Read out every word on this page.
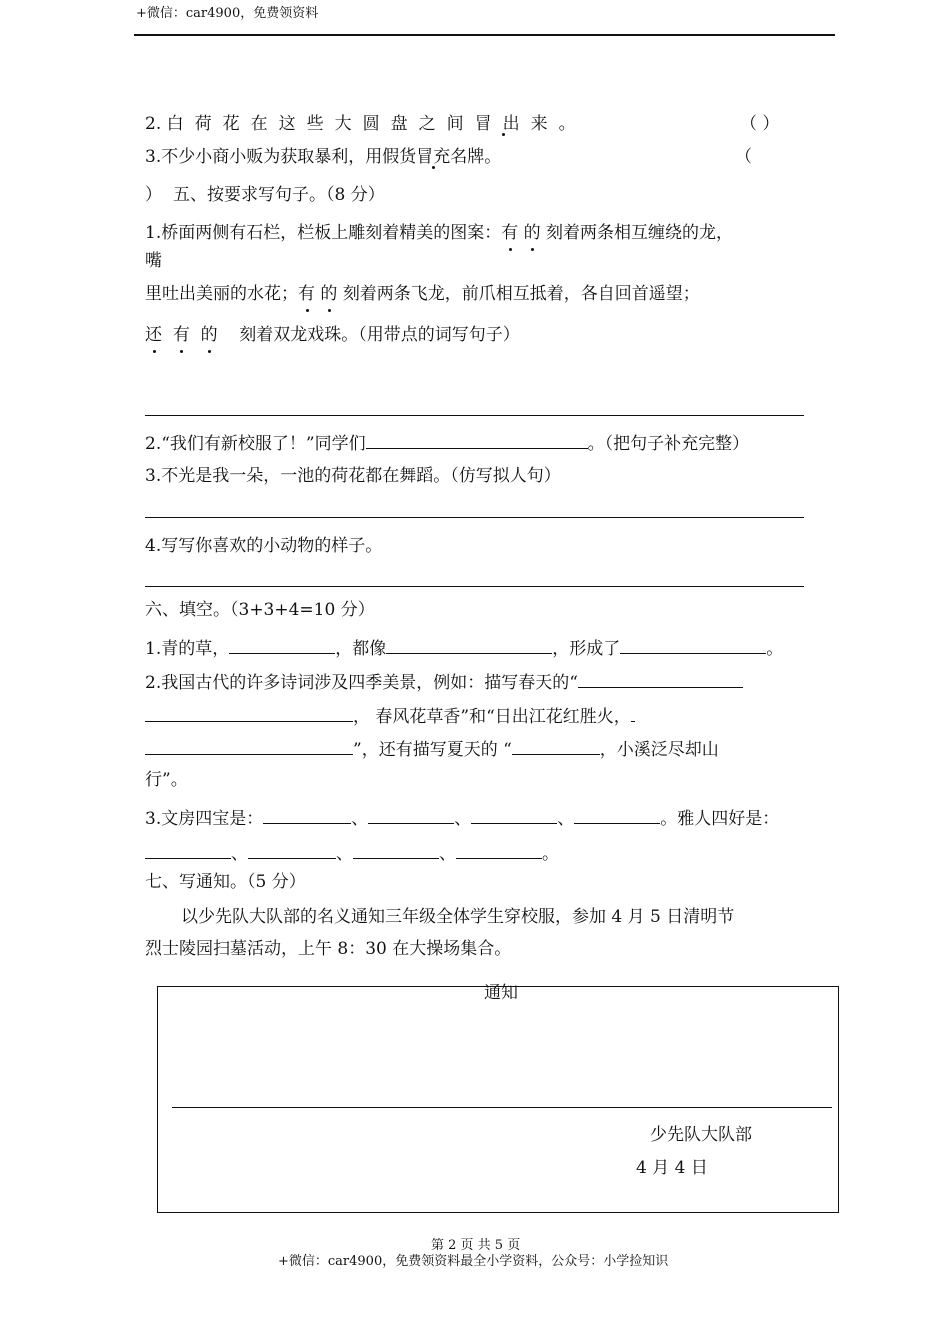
+微信：car4900，免费领资料
2. 白荷花在这些大圆盘之间冒出来。	（ ）
3.不少小商小贩为获取暴利，用假货冒充名牌。	（
） 五、按要求写句子。（8 分）
1.桥面两侧有石栏，栏板上雕刻着精美的图案：有 的 刻着两条相互缠绕的龙，
嘴
里吐出美丽的水花；有 的 刻着两条飞龙，前爪相互抵着，各自回首遥望；
还 有 的 刻着双龙戏珠。（用带点的词写句子）
2.“我们有新校服了！”同学们	。（把句子补充完整）
3.不光是我一朵，一池的荷花都在舞蹈。（仿写拟人句）
4.写写你喜欢的小动物的样子。
六、填空。（3+3+4=10 分）
1.青的草，	，都像	，形成了	。
2.我国古代的许多诗词涉及四季美景，例如：描写春天的“
， 春风花草香”和“日出江花红胜火，
”，还有描写夏天的 “	，小溪泛尽却山
行”。
3.文房四宝是：	、	、	、	。雅人四好是：
、	、	、	。
七、写通知。（5 分）
以少先队大队部的名义通知三年级全体学生穿校服，参加 4 月 5 日清明节
烈士陵园扫墓活动，上午 8：30 在大操场集合。
通知
少先队大队部
4 月 4 日
第 2 页 共 5 页
+微信：car4900，免费领资料最全小学资料，公众号：小学捡知识
